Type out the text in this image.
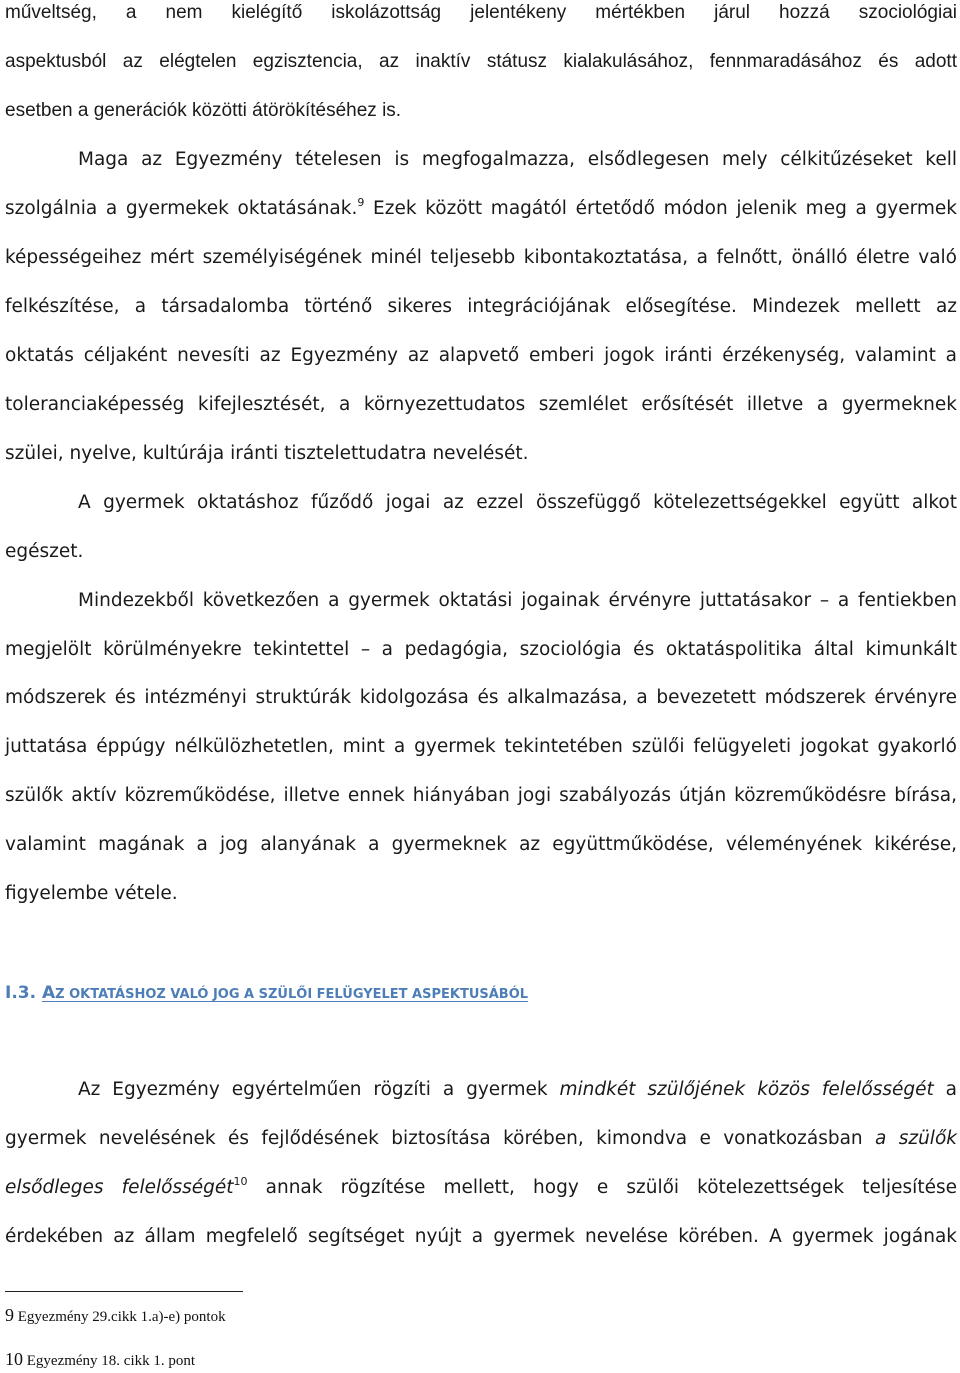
műveltség, a nem kielégítő iskolázottság jelentékeny mértékben járul hozzá szociológiai
aspektusból az elégtelen egzisztencia, az inaktív státusz kialakulásához, fennmaradásához és adott
esetben a generációk közötti átörökítéséhez is.
Maga az Egyezmény tételesen is megfogalmazza, elsődlegesen mely célkitűzéseket kell
szolgálnia a gyermekek oktatásának.$^9$ Ezek között magától értetődő módon jelenik meg a gyermek
képességeihez mért személyiségének minél teljesebb kibontakoztatása, a felnőtt, önálló életre való
felkészítése, a társadalomba történő sikeres integrációjának elősegítése. Mindezek mellett az
oktatás céljaként nevesíti az Egyezmény az alapvető emberi jogok iránti érzékenység, valamint a
toleranciaképesség kifejlesztését, a környezettudatos szemlélet erősítését illetve a gyermeknek
szülei, nyelve, kultúrája iránti tisztelettudatra nevelését.
A gyermek oktatáshoz fűződő jogai az ezzel összefüggő kötelezettségekkel együtt alkot
egészet.
Mindezekből következően a gyermek oktatási jogainak érvényre juttatásakor – a fentiekben
megjelölt körülményekre tekintettel – a pedagógia, szociológia és oktatáspolitika által kimunkált
módszerek és intézményi struktúrák kidolgozása és alkalmazása, a bevezetett módszerek érvényre
juttatása éppúgy nélkülözhetetlen, mint a gyermek tekintetében szülői felügyeleti jogokat gyakorló
szülők aktív közreműködése, illetve ennek hiányában jogi szabályozás útján közreműködésre bírása,
valamint magának a jog alanyának a gyermeknek az együttműködése, véleményének kikérése,
figyelembe vétele.
I.3. AZ OKTATÁSHOZ VALÓ JOG A SZÜLŐI FELÜGYELET ASPEKTUSÁBÓL
Az Egyezmény egyértelműen rögzíti a gyermek mindkét szülőjének közös felelősségét a
gyermek nevelésének és fejlődésének biztosítása körében, kimondva e vonatkozásban a szülők
elsődleges felelősségét$^{10}$ annak rögzítése mellett, hogy e szülői kötelezettségek teljesítése
érdekében az állam megfelelő segítséget nyújt a gyermek nevelése körében. A gyermek jogának
9 Egyezmény 29.cikk 1.a)-e) pontok
10 Egyezmény 18. cikk 1. pont
